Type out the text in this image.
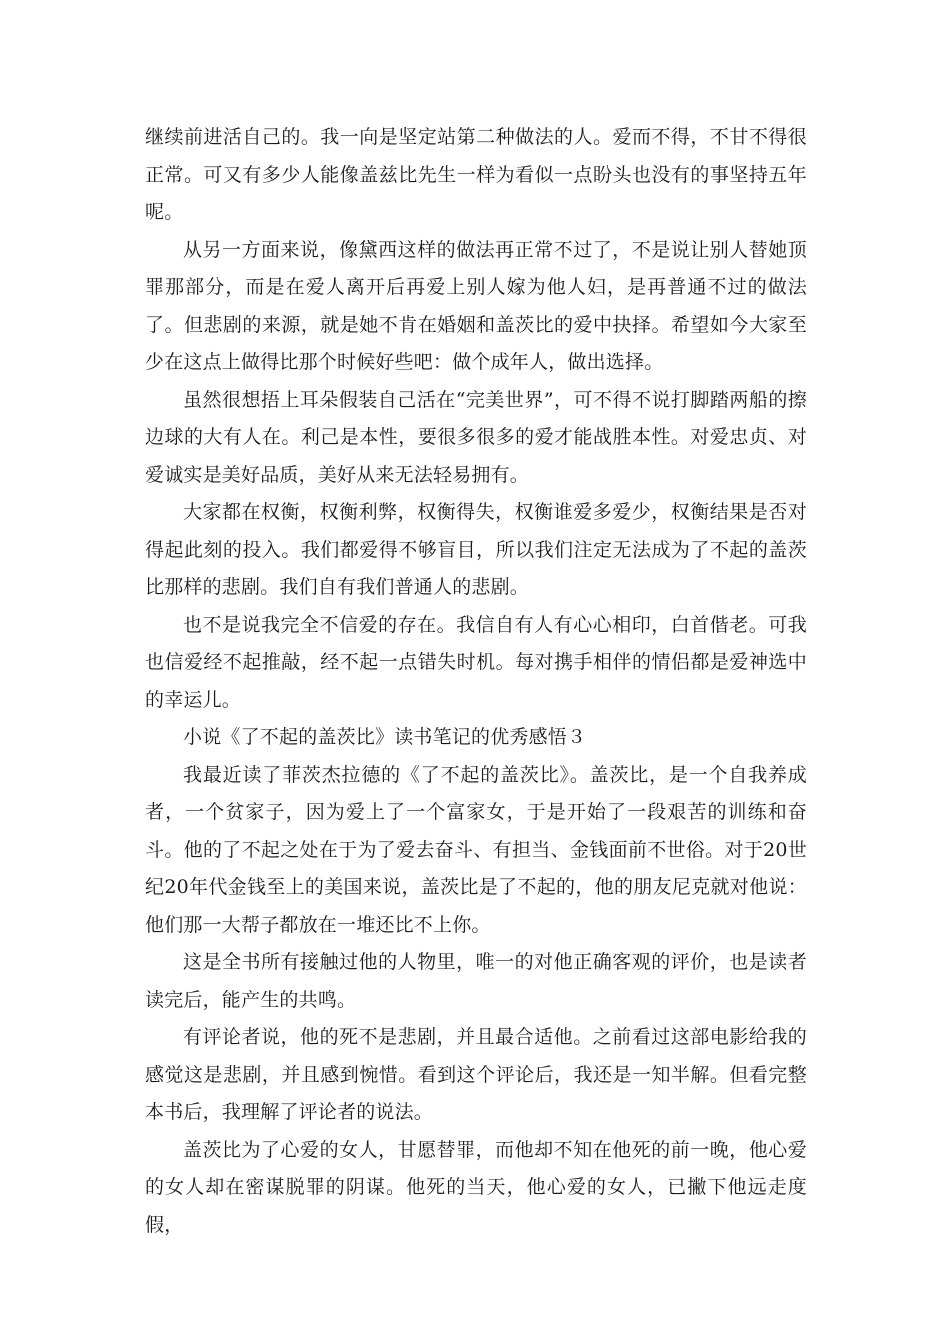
继续前进活自己的。我一向是坚定站第二种做法的人。爱而不得，不甘不得很正常。可又有多少人能像盖兹比先生一样为看似一点盼头也没有的事坚持五年呢。

从另一方面来说，像黛西这样的做法再正常不过了，不是说让别人替她顶罪那部分，而是在爱人离开后再爱上别人嫁为他人妇，是再普通不过的做法了。但悲剧的来源，就是她不肯在婚姻和盖茨比的爱中抉择。希望如今大家至少在这点上做得比那个时候好些吧：做个成年人，做出选择。

虽然很想捂上耳朵假装自己活在“完美世界”，可不得不说打脚踏两船的擦边球的大有人在。利己是本性，要很多很多的爱才能战胜本性。对爱忠贞、对爱诚实是美好品质，美好从来无法轻易拥有。

大家都在权衡，权衡利弊，权衡得失，权衡谁爱多爱少，权衡结果是否对得起此刻的投入。我们都爱得不够盲目，所以我们注定无法成为了不起的盖茨比那样的悲剧。我们自有我们普通人的悲剧。

也不是说我完全不信爱的存在。我信自有人有心心相印，白首偕老。可我也信爱经不起推敲，经不起一点错失时机。每对携手相伴的情侣都是爱神选中的幸运儿。

小说《了不起的盖茨比》读书笔记的优秀感悟３

我最近读了菲茨杰拉德的《了不起的盖茨比》。盖茨比，是一个自我养成者，一个贫家子，因为爱上了一个富家女，于是开始了一段艰苦的训练和奋斗。他的了不起之处在于为了爱去奋斗、有担当、金钱面前不世俗。对于20世纪20年代金钱至上的美国来说，盖茨比是了不起的，他的朋友尼克就对他说：他们那一大帮子都放在一堆还比不上你。

这是全书所有接触过他的人物里，唯一的对他正确客观的评价，也是读者读完后，能产生的共鸣。

有评论者说，他的死不是悲剧，并且最合适他。之前看过这部电影给我的感觉这是悲剧，并且感到惋惜。看到这个评论后，我还是一知半解。但看完整本书后，我理解了评论者的说法。

盖茨比为了心爱的女人，甘愿替罪，而他却不知在他死的前一晚，他心爱的女人却在密谋脱罪的阴谋。他死的当天，他心爱的女人，已撇下他远走度假，
